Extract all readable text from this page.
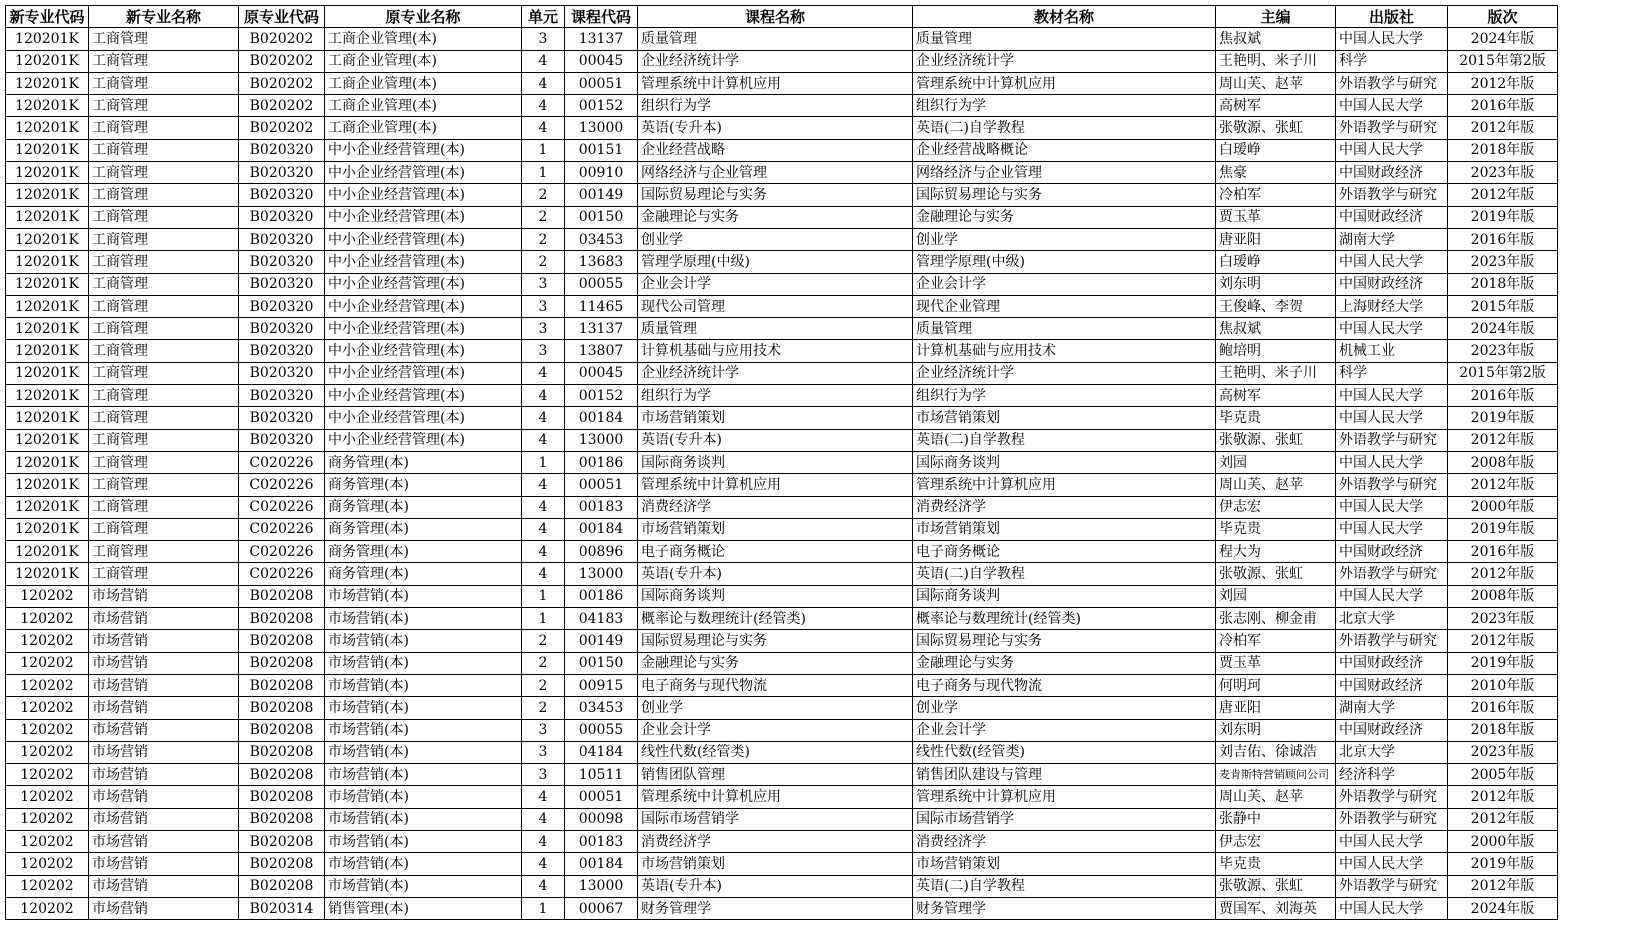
新专业代码	新专业名称	原专业代码	原专业名称	单元	课程代码	课程名称	教材名称	主编	出版社	版次
120201K	工商管理	B020202	工商企业管理(本)	3	13137	质量管理	质量管理	焦叔斌	中国人民大学	2024年版
120201K	工商管理	B020202	工商企业管理(本)	4	00045	企业经济统计学	企业经济统计学	王艳明、米子川	科学	2015年第2版
120201K	工商管理	B020202	工商企业管理(本)	4	00051	管理系统中计算机应用	管理系统中计算机应用	周山芙、赵苹	外语教学与研究	2012年版
120201K	工商管理	B020202	工商企业管理(本)	4	00152	组织行为学	组织行为学	高树军	中国人民大学	2016年版
120201K	工商管理	B020202	工商企业管理(本)	4	13000	英语(专升本)	英语(二)自学教程	张敬源、张虹	外语教学与研究	2012年版
120201K	工商管理	B020320	中小企业经营管理(本)	1	00151	企业经营战略	企业经营战略概论	白瑷峥	中国人民大学	2018年版
120201K	工商管理	B020320	中小企业经营管理(本)	1	00910	网络经济与企业管理	网络经济与企业管理	焦豪	中国财政经济	2023年版
120201K	工商管理	B020320	中小企业经营管理(本)	2	00149	国际贸易理论与实务	国际贸易理论与实务	冷柏军	外语教学与研究	2012年版
120201K	工商管理	B020320	中小企业经营管理(本)	2	00150	金融理论与实务	金融理论与实务	贾玉革	中国财政经济	2019年版
120201K	工商管理	B020320	中小企业经营管理(本)	2	03453	创业学	创业学	唐亚阳	湖南大学	2016年版
120201K	工商管理	B020320	中小企业经营管理(本)	2	13683	管理学原理(中级)	管理学原理(中级)	白瑷峥	中国人民大学	2023年版
120201K	工商管理	B020320	中小企业经营管理(本)	3	00055	企业会计学	企业会计学	刘东明	中国财政经济	2018年版
120201K	工商管理	B020320	中小企业经营管理(本)	3	11465	现代公司管理	现代企业管理	王俊峰、李贺	上海财经大学	2015年版
120201K	工商管理	B020320	中小企业经营管理(本)	3	13137	质量管理	质量管理	焦叔斌	中国人民大学	2024年版
120201K	工商管理	B020320	中小企业经营管理(本)	3	13807	计算机基础与应用技术	计算机基础与应用技术	鲍培明	机械工业	2023年版
120201K	工商管理	B020320	中小企业经营管理(本)	4	00045	企业经济统计学	企业经济统计学	王艳明、米子川	科学	2015年第2版
120201K	工商管理	B020320	中小企业经营管理(本)	4	00152	组织行为学	组织行为学	高树军	中国人民大学	2016年版
120201K	工商管理	B020320	中小企业经营管理(本)	4	00184	市场营销策划	市场营销策划	毕克贵	中国人民大学	2019年版
120201K	工商管理	B020320	中小企业经营管理(本)	4	13000	英语(专升本)	英语(二)自学教程	张敬源、张虹	外语教学与研究	2012年版
120201K	工商管理	C020226	商务管理(本)	1	00186	国际商务谈判	国际商务谈判	刘园	中国人民大学	2008年版
120201K	工商管理	C020226	商务管理(本)	4	00051	管理系统中计算机应用	管理系统中计算机应用	周山芙、赵苹	外语教学与研究	2012年版
120201K	工商管理	C020226	商务管理(本)	4	00183	消费经济学	消费经济学	伊志宏	中国人民大学	2000年版
120201K	工商管理	C020226	商务管理(本)	4	00184	市场营销策划	市场营销策划	毕克贵	中国人民大学	2019年版
120201K	工商管理	C020226	商务管理(本)	4	00896	电子商务概论	电子商务概论	程大为	中国财政经济	2016年版
120201K	工商管理	C020226	商务管理(本)	4	13000	英语(专升本)	英语(二)自学教程	张敬源、张虹	外语教学与研究	2012年版
120202	市场营销	B020208	市场营销(本)	1	00186	国际商务谈判	国际商务谈判	刘园	中国人民大学	2008年版
120202	市场营销	B020208	市场营销(本)	1	04183	概率论与数理统计(经管类)	概率论与数理统计(经管类)	张志刚、柳金甫	北京大学	2023年版
120202	市场营销	B020208	市场营销(本)	2	00149	国际贸易理论与实务	国际贸易理论与实务	冷柏军	外语教学与研究	2012年版
120202	市场营销	B020208	市场营销(本)	2	00150	金融理论与实务	金融理论与实务	贾玉革	中国财政经济	2019年版
120202	市场营销	B020208	市场营销(本)	2	00915	电子商务与现代物流	电子商务与现代物流	何明珂	中国财政经济	2010年版
120202	市场营销	B020208	市场营销(本)	2	03453	创业学	创业学	唐亚阳	湖南大学	2016年版
120202	市场营销	B020208	市场营销(本)	3	00055	企业会计学	企业会计学	刘东明	中国财政经济	2018年版
120202	市场营销	B020208	市场营销(本)	3	04184	线性代数(经管类)	线性代数(经管类)	刘吉佑、徐诚浩	北京大学	2023年版
120202	市场营销	B020208	市场营销(本)	3	10511	销售团队管理	销售团队建设与管理	麦肯斯特营销顾问公司	经济科学	2005年版
120202	市场营销	B020208	市场营销(本)	4	00051	管理系统中计算机应用	管理系统中计算机应用	周山芙、赵苹	外语教学与研究	2012年版
120202	市场营销	B020208	市场营销(本)	4	00098	国际市场营销学	国际市场营销学	张静中	外语教学与研究	2012年版
120202	市场营销	B020208	市场营销(本)	4	00183	消费经济学	消费经济学	伊志宏	中国人民大学	2000年版
120202	市场营销	B020208	市场营销(本)	4	00184	市场营销策划	市场营销策划	毕克贵	中国人民大学	2019年版
120202	市场营销	B020208	市场营销(本)	4	13000	英语(专升本)	英语(二)自学教程	张敬源、张虹	外语教学与研究	2012年版
120202	市场营销	B020314	销售管理(本)	1	00067	财务管理学	财务管理学	贾国军、刘海英	中国人民大学	2024年版
